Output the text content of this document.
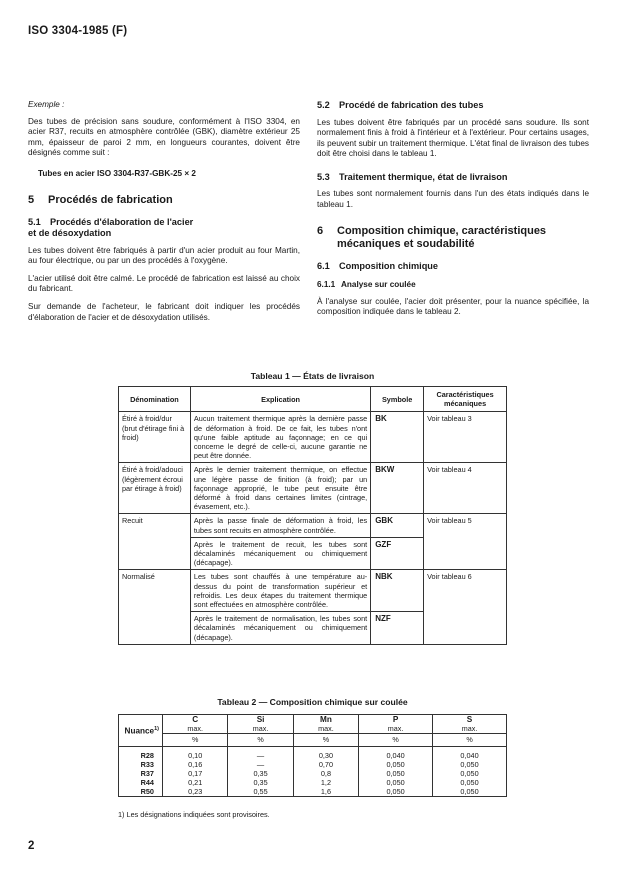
ISO 3304-1985 (F)

Exemple :

Des tubes de précision sans soudure, conformément à l'ISO 3304, en acier R37, recuits en atmosphère contrôlée (GBK), diamètre extérieur 25 mm, épaisseur de paroi 2 mm, en longueurs courantes, doivent être désignés comme suit :

Tubes en acier ISO 3304-R37-GBK-25 × 2
5 Procédés de fabrication
5.1 Procédés d'élaboration de l'acier
et de désoxydation

Les tubes doivent être fabriqués à partir d'un acier produit au four Martin, au four électrique, ou par un des procédés à l'oxygène.

L'acier utilisé doit être calmé. Le procédé de fabrication est laissé au choix du fabricant.

Sur demande de l'acheteur, le fabricant doit indiquer les procédés d'élaboration de l'acier et de désoxydation utilisés.

5.2 Procédé de fabrication des tubes

Les tubes doivent être fabriqués par un procédé sans soudure. Ils sont normalement finis à froid à l'intérieur et à l'extérieur. Pour certains usages, ils peuvent subir un traitement thermique. L'état final de livraison des tubes doit être choisi dans le tableau 1.

5.3 Traitement thermique, état de livraison

Les tubes sont normalement fournis dans l'un des états indiqués dans le tableau 1.

6 Composition chimique, caractéristiques
mécaniques et soudabilité
6.1 Composition chimique
6.1.1 Analyse sur coulée

À l'analyse sur coulée, l'acier doit présenter, pour la nuance spécifiée, la composition indiquée dans le tableau 2.

Tableau 1 — États de livraison
Dénomination	Explication	Symbole	Caractéristiques mécaniques
Étiré à froid/dur (brut d'étirage fini à froid)	Aucun traitement thermique après la dernière passe de déformation à froid. De ce fait, les tubes n'ont qu'une faible aptitude au façonnage; en ce qui concerne le degré de celle-ci, aucune garantie ne peut être donnée.	BK	Voir tableau 3
Étiré à froid/adouci (légèrement écroui par étirage à froid)	Après le dernier traitement thermique, on effectue une légère passe de finition (à froid); par un façonnage approprié, le tube peut ensuite être déformé à froid dans certaines limites (cintrage, évasement, etc.).	BKW	Voir tableau 4
Recuit	Après la passe finale de déformation à froid, les tubes sont recuits en atmosphère contrôlée.	GBK	Voir tableau 5
	Après le traitement de recuit, les tubes sont décalaminés mécaniquement ou chimiquement (décapage).	GZF	
Normalisé	Les tubes sont chauffés à une température au-dessus du point de transformation supérieur et refroidis. Les deux étapes du traitement thermique sont effectuées en atmosphère contrôlée.	NBK	Voir tableau 6
	Après le traitement de normalisation, les tubes sont décalaminés mécaniquement ou chimiquement (décapage).	NZF	
Tableau 2 — Composition chimique sur coulée
Nuance$^{1)}$	C	Si	Mn	P	S
	max.	max.	max.	max.	max.
	%	%	%	%	%

R28	0,10	—	0,30	0,040	0,040
R33	0,16	—	0,70	0,050	0,050
R37	0,17	0,35	0,8	0,050	0,050
R44	0,21	0,35	1,2	0,050	0,050
R50	0,23	0,55	1,6	0,050	0,050
1) Les désignations indiquées sont provisoires.
2
